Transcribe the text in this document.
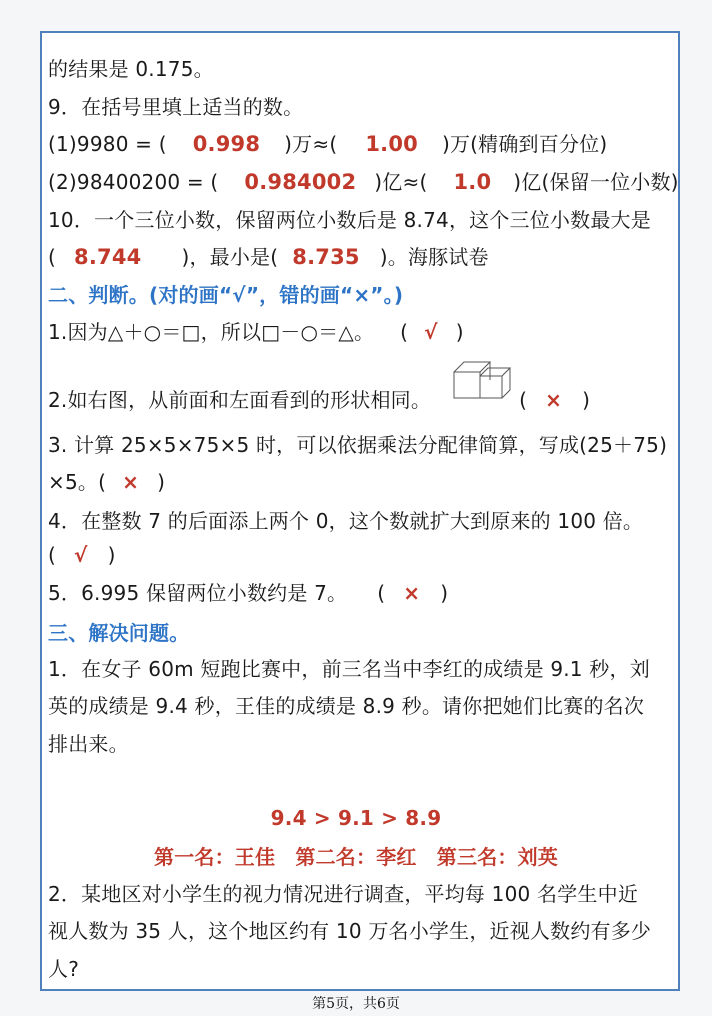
的结果是 0.175。
9．在括号里填上适当的数。
(1)9980 = ( 0.998 )万≈( 1.00 )万(精确到百分位)
(2)98400200 = ( 0.984002 )亿≈( 1.0 )亿(保留一位小数)
10．一个三位小数，保留两位小数后是 8.74，这个三位小数最大是
( 8.744 )，最小是( 8.735 )。海豚试卷
二、判断。(对的画“√”，错的画“×”。)
1.因为△＋○＝□，所以□－○＝△。 ( √ )
2.如右图，从前面和左面看到的形状相同。	( × )
3. 计算 25×5×75×5 时，可以依据乘法分配律简算，写成(25＋75)
×5。( × )
4．在整数 7 的后面添上两个 0，这个数就扩大到原来的 100 倍。
( √ )
5．6.995 保留两位小数约是 7。 ( × )
三、解决问题。
1．在女子 60m 短跑比赛中，前三名当中李红的成绩是 9.1 秒，刘
英的成绩是 9.4 秒，王佳的成绩是 8.9 秒。请你把她们比赛的名次
排出来。
9.4 > 9.1 > 8.9
第一名：王佳　第二名：李红　第三名：刘英
2．某地区对小学生的视力情况进行调查，平均每 100 名学生中近
视人数为 35 人，这个地区约有 10 万名小学生，近视人数约有多少
人?
第5页，共6页
